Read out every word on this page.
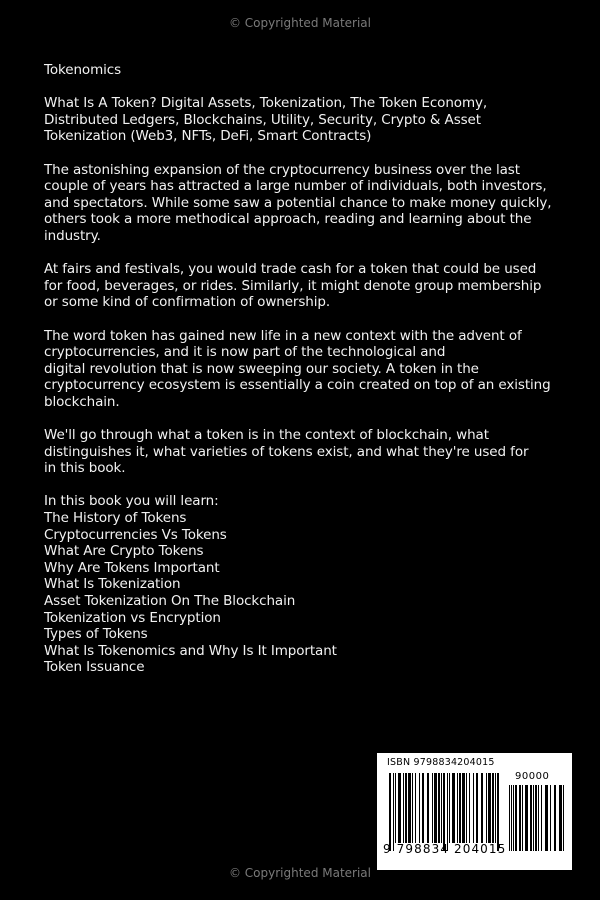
© Copyrighted Material

Tokenomics

What Is A Token? Digital Assets, Tokenization, The Token Economy,
Distributed Ledgers, Blockchains, Utility, Security, Crypto & Asset
Tokenization (Web3, NFTs, DeFi, Smart Contracts)

The astonishing expansion of the cryptocurrency business over the last
couple of years has attracted a large number of individuals, both investors,
and spectators. While some saw a potential chance to make money quickly,
others took a more methodical approach, reading and learning about the
industry.

At fairs and festivals, you would trade cash for a token that could be used
for food, beverages, or rides. Similarly, it might denote group membership
or some kind of confirmation of ownership.

The word token has gained new life in a new context with the advent of
cryptocurrencies, and it is now part of the technological and
digital revolution that is now sweeping our society. A token in the
cryptocurrency ecosystem is essentially a coin created on top of an existing
blockchain.

We'll go through what a token is in the context of blockchain, what
distinguishes it, what varieties of tokens exist, and what they're used for
in this book.

In this book you will learn:
The History of Tokens
Cryptocurrencies Vs Tokens
What Are Crypto Tokens
Why Are Tokens Important
What Is Tokenization
Asset Tokenization On The Blockchain
Tokenization vs Encryption
Types of Tokens
What Is Tokenomics and Why Is It Important
Token Issuance
ISBN 9798834204015
90000
9 798834 204015
© Copyrighted Material
